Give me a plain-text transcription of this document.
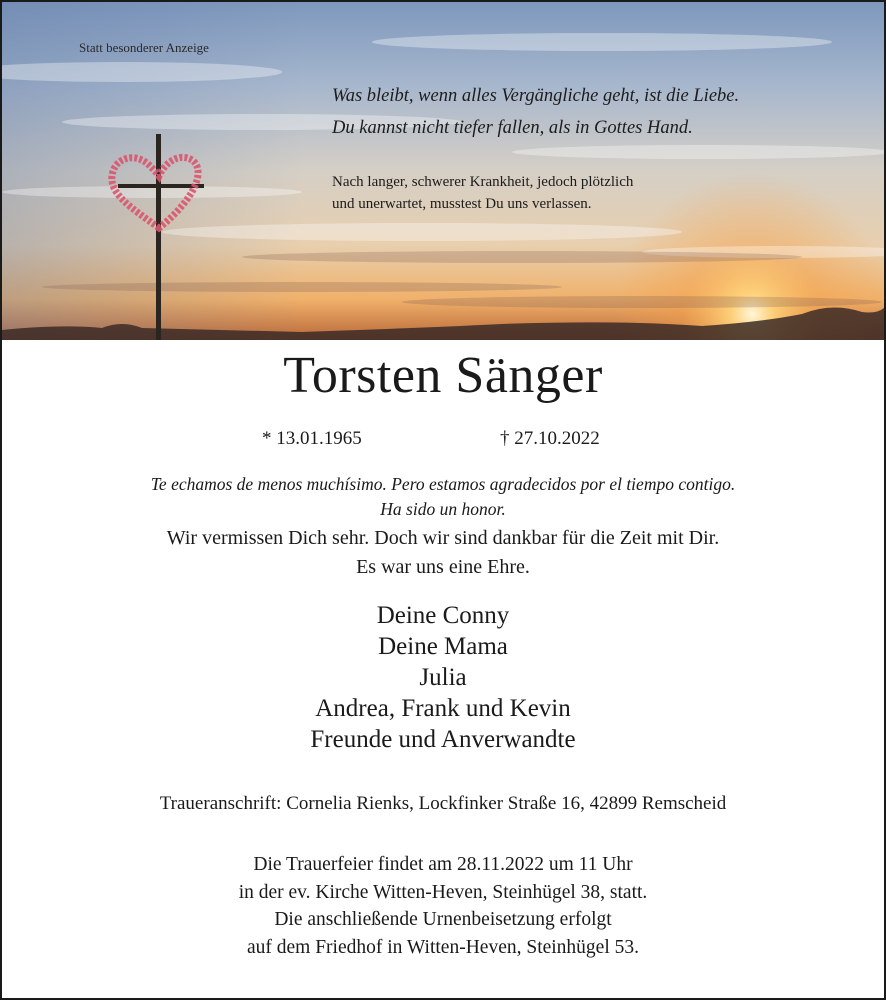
Statt besonderer Anzeige
Was bleibt, wenn alles Vergängliche geht, ist die Liebe.
Du kannst nicht tiefer fallen, als in Gottes Hand.
Nach langer, schwerer Krankheit, jedoch plötzlich
und unerwartet, musstest Du uns verlassen.
Torsten Sänger
* 13.01.1965	† 27.10.2022
Te echamos de menos muchísimo. Pero estamos agradecidos por el tiempo contigo.
Ha sido un honor.
Wir vermissen Dich sehr. Doch wir sind dankbar für die Zeit mit Dir.
Es war uns eine Ehre.
Deine Conny
Deine Mama
Julia
Andrea, Frank und Kevin
Freunde und Anverwandte
Traueranschrift: Cornelia Rienks, Lockfinker Straße 16, 42899 Remscheid
Die Trauerfeier findet am 28.11.2022 um 11 Uhr
in der ev. Kirche Witten-Heven, Steinhügel 38, statt.
Die anschließende Urnenbeisetzung erfolgt
auf dem Friedhof in Witten-Heven, Steinhügel 53.
